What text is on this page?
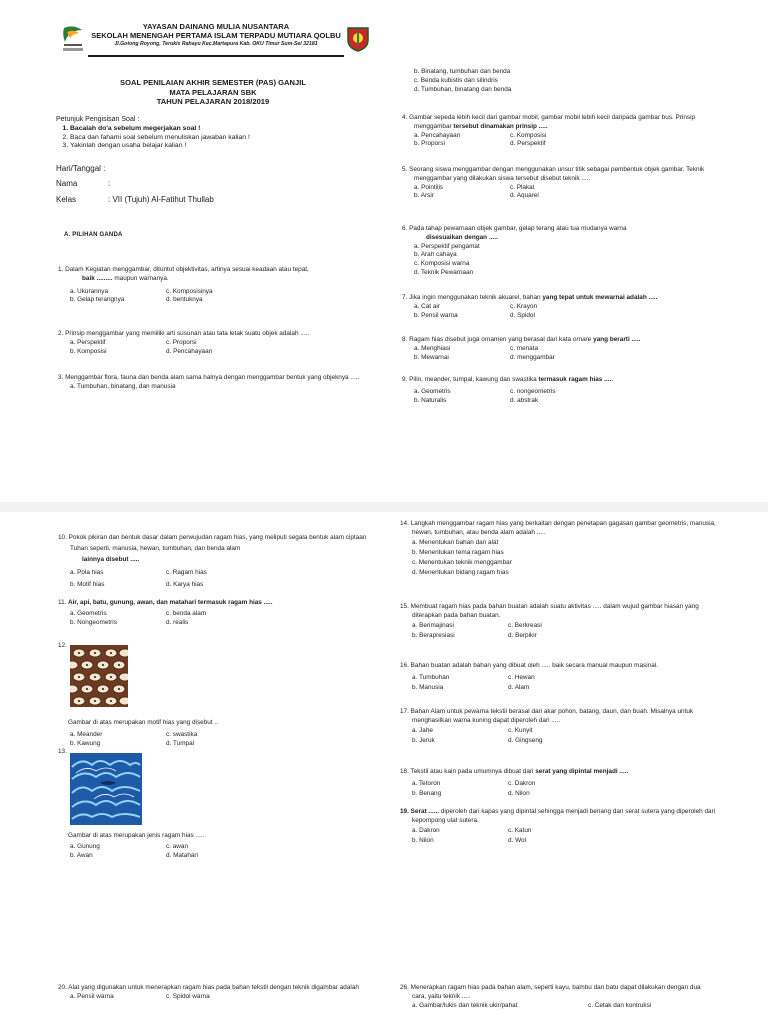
YAYASAN DAINANG MULIA NUSANTARA
SEKOLAH MENENGAH PERTAMA ISLAM TERPADU MUTIARA QOLBU
Jl.Gotong Royong, Terukis Rahayu Kec.Martapura Kab. OKU Timur Sum-Sel 32181
SOAL PENILAIAN AKHIR SEMESTER (PAS) GANJIL
MATA PELAJARAN SBK
TAHUN PELAJARAN 2018/2019
Petunjuk Pengisisan Soal :
1. Bacalah do'a sebelum megerjakan soal !
2. Baca dan fahami soal sebelum menuliskan jawaban kalian !
3. Yakinlah dengan usaha belajar kalian !
Hari/Tanggal :
Nama	:
Kelas	: VII (Tujuh) Al-Fatihut Thullab
A. PILIHAN GANDA
1. Dalam Kegiatan menggambar, dituntut objektivitas, artinya sesuai keadaan atau tepat,
baik ......... maupun warnanya.
a. Ukurannya	c. Komposisinya
b. Gelap terangnya	d. bentuknya
2. Prinsip menggambar yang memiliki arti susunan atau tata letak suatu objek adalah .....
a. Perspektif	c. Proporsi
b. Komposisi	d. Pencahayaan
3. Menggambar flora, fauna dan benda alam sama halnya dengan menggambar bentuk yang objeknya .....
a. Tumbuhan, binatang, dan manusia
b. Binatang, tumbuhan dan benda
c. Benda kubistis dan silindris
d. Tumbuhan, binatang dan benda
4. Gambar sepeda lebih kecil dari gambar mobil, gambar mobil lebih kecil daripada gambar bus. Prinsip menggambar tersebut dinamakan prinsip .....
a. Pencahayaan	c. Komposisi
b. Proporsi	d. Perspektif
5. Seorang siswa menggambar dengan menggunakan unsur titik sebagai pembentuk objek gambar. Teknik menggambar yang dilakukan siswa tersebut disebut teknik .....
a. Pointilis	c. Plakat
b. Arsir	d. Aquarel
6. Pada tahap pewarnaan objek gambar, gelap terang atau tua mudanya warna
disesuaikan dengan .....
a. Perspektif pengamat
b. Arah cahaya
c. Komposisi warna
d. Teknik Pewarnaan
7. Jika ingin menggunakan teknik akuarel, bahan yang tepat untuk mewarnai adalah .....
a. Cat air	c. Krayon
b. Pensil warna	d. Spidol
8. Ragam hias disebut juga ornamen yang berasal dari kata ornare yang berarti .....
a. Menghiasi	c. menata
b. Mewarnai	d. menggambar
9. Pilin, meander, tumpal, kawung dan swastika termasuk ragam hias .....
a. Geometris	c. nongeometris
b. Naturalis	d. abstrak
10. Pokok pikiran dan bentuk dasar dalam perwujudan ragam hias, yang meliputi segala bentuk alam ciptaan Tuhan seperti, manusia, hewan, tumbuhan, dan benda alam
lainnya disebut .....
a. Pola hias	c. Ragam hias
b. Motif hias	d. Karya hias
11. Air, api, batu, gunung, awan, dan matahari termasuk ragam hias .....
a. Geometris	c. benda alam
b. Nongeometris	d. realis
12.
Gambar di atas merupakan motif hias yang disebut ..
a. Meander	c. swastika
b. Kawung	d. Tumpal
13.
Gambar di atas merupakan jenis ragam hias .....
a. Gunung	c. awan
b. Awan	d. Matahari
14. Langkah menggambar ragam hias yang berkaitan dengan penetapan gagasan gambar geometris, manusia, hewan, tumbuhan, atau benda alam adalah .....
a. Menentukan bahan dan alat
b. Menentukan tema ragam hias
c. Menentukan teknik menggambar
d. Menentukan bidang ragam hias
15. Membuat ragam hias pada bahan buatan adalah suatu aktivitas ..... dalam wujud gambar hiasan yang diterapkan pada bahan buatan.
a. Berimajinasi	c. Berkreasi
b. Berapresiasi	d. Berpikir
16. Bahan buatan adalah bahan yang dibuat oleh ..... baik secara manual maupun masinal.
a. Tumbuhan	c. Hewan
b. Manusia	d. Alam
17. Bahan Alam untuk pewarna tekstil berasal dari akar pohon, batang, daun, dan buah. Misalnya untuk menghasilkan warna kuning dapat diperoleh dari .....
a. Jahe	c. Kunyit
b. Jeruk	d. Gingseng
18. Tekstil atau kain pada umumnya dibuat dari serat yang dipintal menjadi .....
a. Tetoron	c. Dakron
b. Benang	d. Nilon
19. Serat ...... diperoleh dari kapas yang dipintal sehingga menjadi benang dan serat sutera yang diperoleh dari kepompong ulat sutera.
a. Dakron	c. Katun
b. Nilon	d. Wol
20. Alat yang digunakan untuk menerapkan ragam hias pada bahan tekstil dengan teknik digambar adalah
a. Pensil warna	c. Spidol warna
26. Menerapkan ragam hias pada bahan alam, seperti kayu, bambu dan batu dapat dilakukan dengan dua cara, yaitu teknik .....
a. Gambar/lukis dan teknik ukir/pahat	c. Cetak dan kontruksi
